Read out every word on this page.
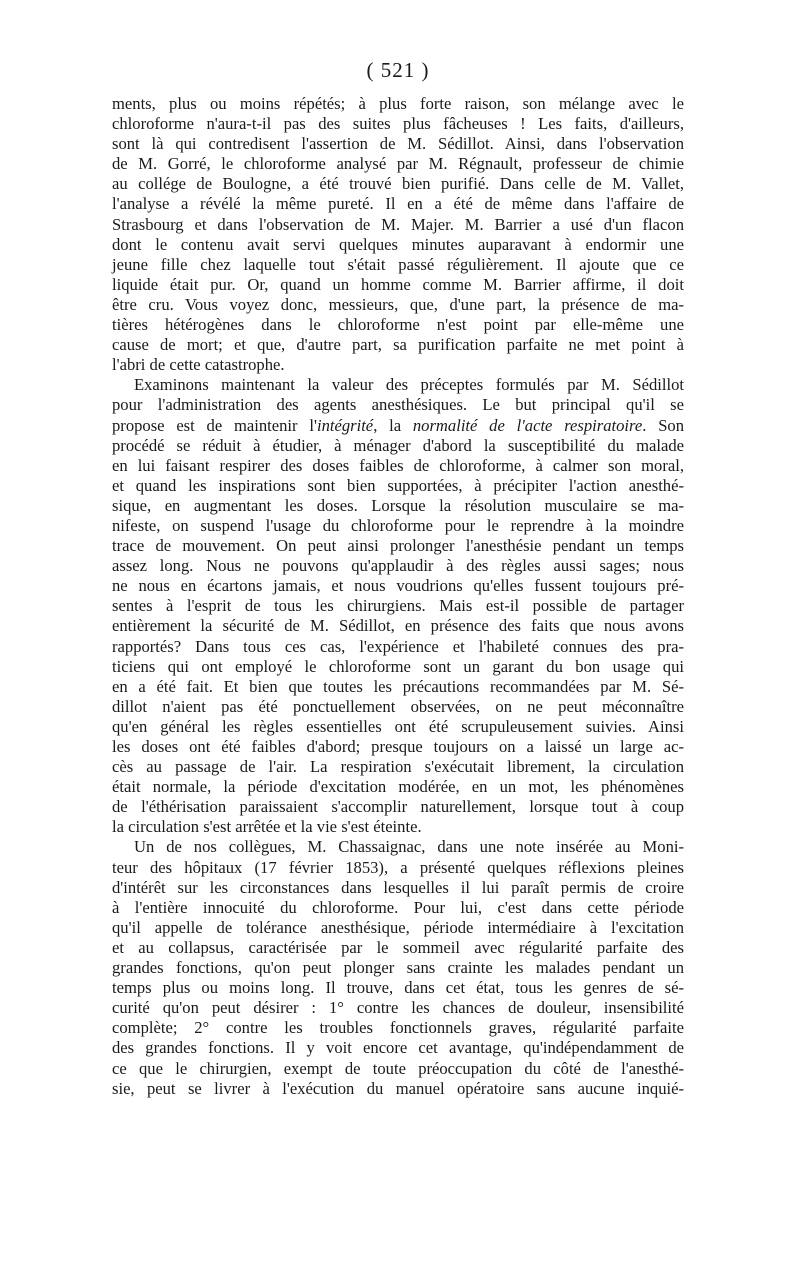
( 521 )
ments, plus ou moins répétés; à plus forte raison, son mélange avec le
chloroforme n'aura-t-il pas des suites plus fâcheuses ! Les faits, d'ailleurs,
sont là qui contredisent l'assertion de M. Sédillot. Ainsi, dans l'observation
de M. Gorré, le chloroforme analysé par M. Régnault, professeur de chimie
au collége de Boulogne, a été trouvé bien purifié. Dans celle de M. Vallet,
l'analyse a révélé la même pureté. Il en a été de même dans l'affaire de
Strasbourg et dans l'observation de M. Majer. M. Barrier a usé d'un flacon
dont le contenu avait servi quelques minutes auparavant à endormir une
jeune fille chez laquelle tout s'était passé régulièrement. Il ajoute que ce
liquide était pur. Or, quand un homme comme M. Barrier affirme, il doit
être cru. Vous voyez donc, messieurs, que, d'une part, la présence de ma-
tières hétérogènes dans le chloroforme n'est point par elle-même une
cause de mort; et que, d'autre part, sa purification parfaite ne met point à
l'abri de cette catastrophe.
Examinons maintenant la valeur des préceptes formulés par M. Sédillot
pour l'administration des agents anesthésiques. Le but principal qu'il se
propose est de maintenir l'intégrité, la normalité de l'acte respiratoire. Son
procédé se réduit à étudier, à ménager d'abord la susceptibilité du malade
en lui faisant respirer des doses faibles de chloroforme, à calmer son moral,
et quand les inspirations sont bien supportées, à précipiter l'action anesthé-
sique, en augmentant les doses. Lorsque la résolution musculaire se ma-
nifeste, on suspend l'usage du chloroforme pour le reprendre à la moindre
trace de mouvement. On peut ainsi prolonger l'anesthésie pendant un temps
assez long. Nous ne pouvons qu'applaudir à des règles aussi sages; nous
ne nous en écartons jamais, et nous voudrions qu'elles fussent toujours pré-
sentes à l'esprit de tous les chirurgiens. Mais est-il possible de partager
entièrement la sécurité de M. Sédillot, en présence des faits que nous avons
rapportés? Dans tous ces cas, l'expérience et l'habileté connues des pra-
ticiens qui ont employé le chloroforme sont un garant du bon usage qui
en a été fait. Et bien que toutes les précautions recommandées par M. Sé-
dillot n'aient pas été ponctuellement observées, on ne peut méconnaître
qu'en général les règles essentielles ont été scrupuleusement suivies. Ainsi
les doses ont été faibles d'abord; presque toujours on a laissé un large ac-
cès au passage de l'air. La respiration s'exécutait librement, la circulation
était normale, la période d'excitation modérée, en un mot, les phénomènes
de l'éthérisation paraissaient s'accomplir naturellement, lorsque tout à coup
la circulation s'est arrêtée et la vie s'est éteinte.
Un de nos collègues, M. Chassaignac, dans une note insérée au Moni-
teur des hôpitaux (17 février 1853), a présenté quelques réflexions pleines
d'intérêt sur les circonstances dans lesquelles il lui paraît permis de croire
à l'entière innocuité du chloroforme. Pour lui, c'est dans cette période
qu'il appelle de tolérance anesthésique, période intermédiaire à l'excitation
et au collapsus, caractérisée par le sommeil avec régularité parfaite des
grandes fonctions, qu'on peut plonger sans crainte les malades pendant un
temps plus ou moins long. Il trouve, dans cet état, tous les genres de sé-
curité qu'on peut désirer : 1° contre les chances de douleur, insensibilité
complète; 2° contre les troubles fonctionnels graves, régularité parfaite
des grandes fonctions. Il y voit encore cet avantage, qu'indépendamment de
ce que le chirurgien, exempt de toute préoccupation du côté de l'anesthé-
sie, peut se livrer à l'exécution du manuel opératoire sans aucune inquié-
